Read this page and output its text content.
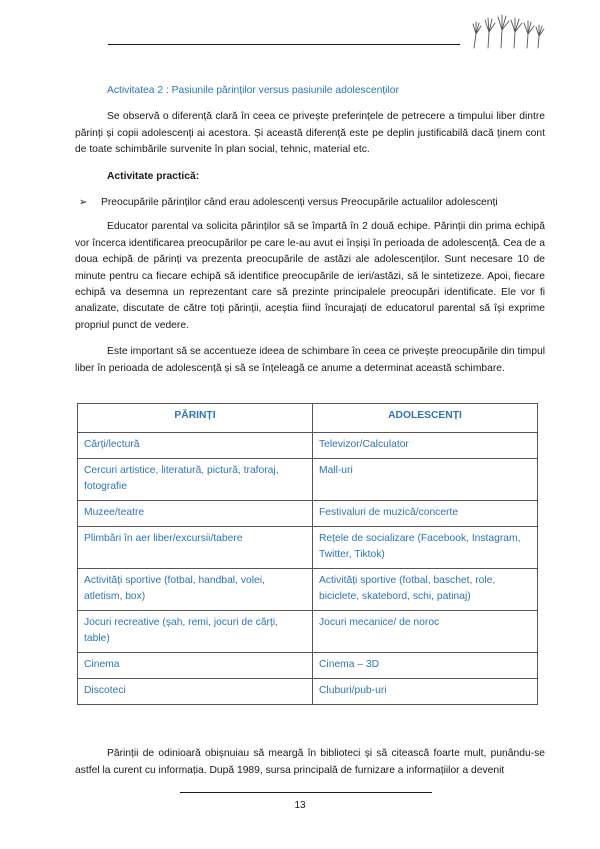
Activitatea 2 : Pasiunile părinților versus pasiunile adolescenților

Se observă o diferență clară în ceea ce privește preferințele de petrecere a timpului liber dintre părinți și copii adolescenți ai acestora. Și această diferență este pe deplin justificabilă dacă ținem cont de toate schimbările survenite în plan social, tehnic, material etc.

Activitate practică:

➢	Preocupările părinților când erau adolescenți versus Preocupările actualilor adolescenți

Educator parental va solicita părinților să se împartă în 2 două echipe. Părinții din prima echipă vor încerca identificarea preocupărilor pe care le-au avut ei înșiși în perioada de adolescență. Cea de a doua echipă de părinți va prezenta preocupările de astăzi ale adolescenților. Sunt necesare 10 de minute pentru ca fiecare echipă să identifice preocupările de ieri/astăzi, să le sintetizeze. Apoi, fiecare echipă va desemna un reprezentant care să prezinte principalele preocupări identificate. Ele vor fi analizate, discutate de către toți părinții, aceștia fiind încurajați de educatorul parental să își exprime propriul punct de vedere.

Este important să se accentueze ideea de schimbare în ceea ce privește preocupările din timpul liber în perioada de adolescență și să se înțeleagă ce anume a determinat această schimbare.

PĂRINȚI	ADOLESCENȚI
Cărți/lectură	Televizor/Calculator
Cercuri artistice, literatură, pictură, traforaj, fotografie	Mall-uri
Muzee/teatre	Festivaluri de muzică/concerte
Plimbări în aer liber/excursii/tabere	Rețele de socializare (Facebook, Instagram, Twitter, Tiktok)
Activități sportive (fotbal, handbal, volei, atletism, box)	Activități sportive (fotbal, baschet, role, biciclete, skatebord, schi, patinaj)
Jocuri recreative (șah, remi, jocuri de cărți, table)	Jocuri mecanice/ de noroc
Cinema	Cinema – 3D
Discoteci	Cluburi/pub-uri

Părinții de odinioară obișnuiau să meargă în biblioteci și să citească foarte mult, punându-se astfel la curent cu informația. După 1989, sursa principală de furnizare a informațiilor a devenit

13
